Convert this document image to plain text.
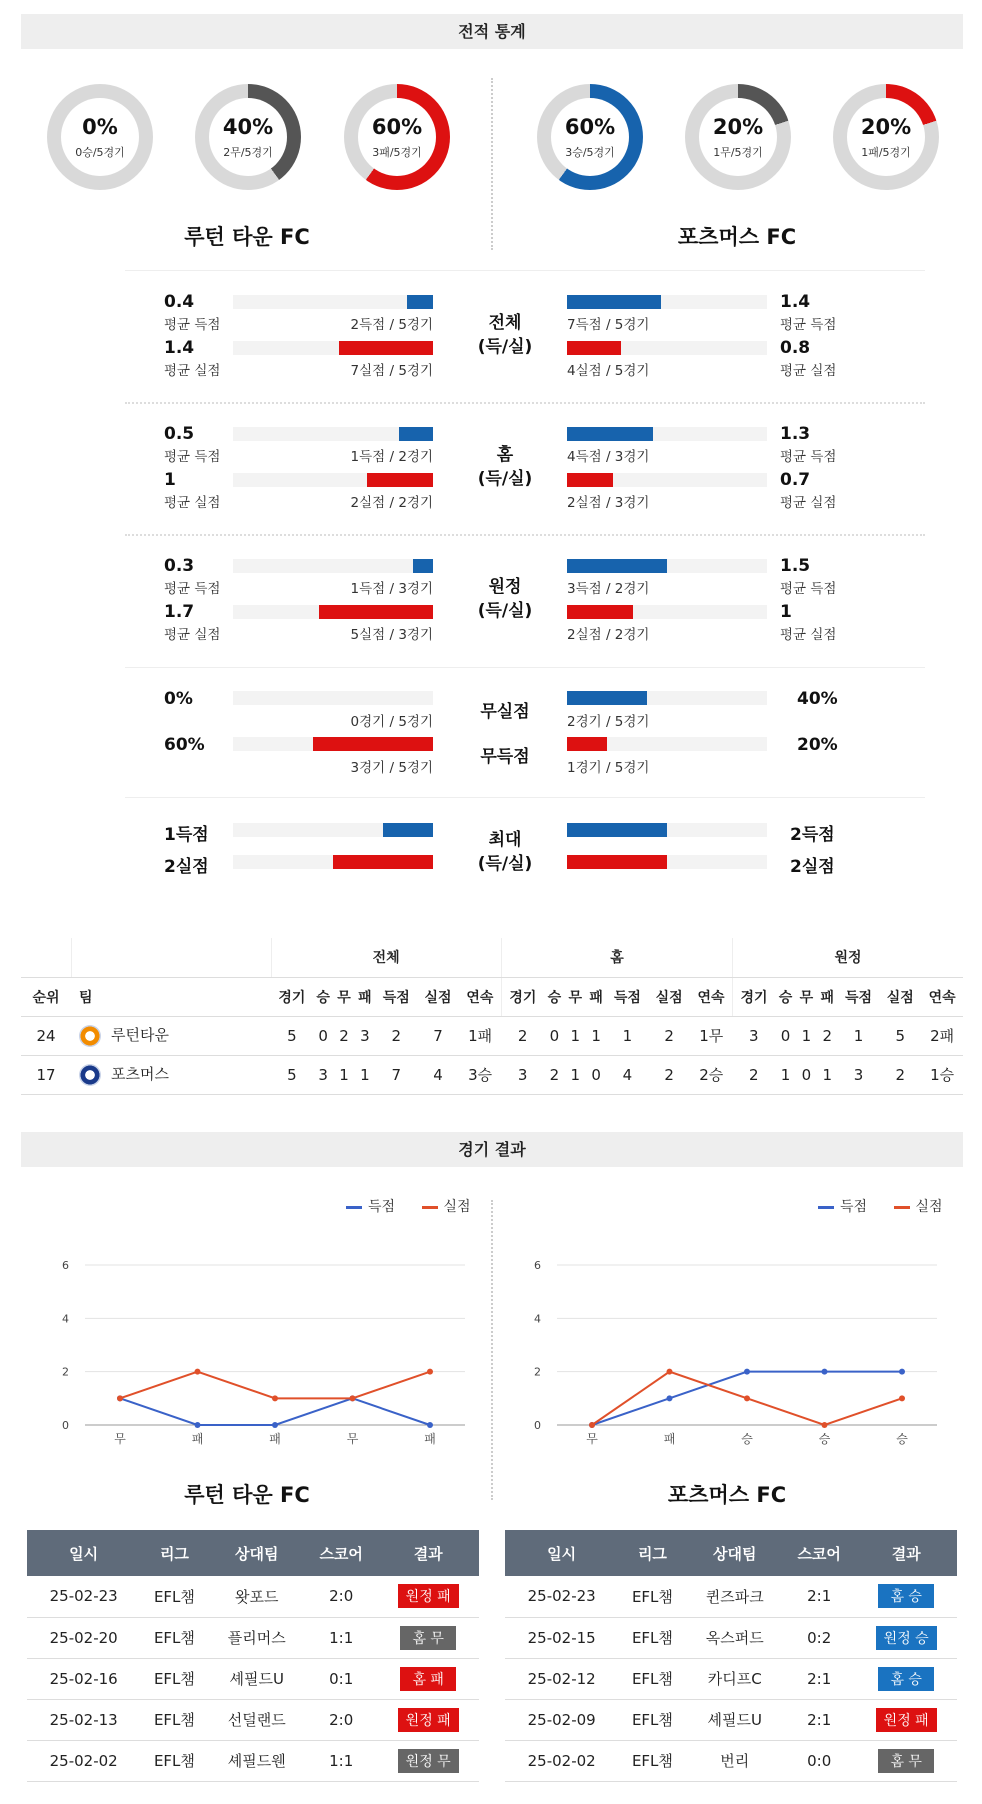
전적 통계
0%
0승/5경기
40%
2무/5경기
60%
3패/5경기
60%
3승/5경기
20%
1무/5경기
20%
1패/5경기
루턴 타운 FC	포츠머스 FC
0.4
평균 득점	2득점 / 5경기	7득점 / 5경기
1.4
평균 득점
1.4
평균 실점	7실점 / 5경기	4실점 / 5경기
0.8
평균 실점
전체
(득/실)
0.5
평균 득점	1득점 / 2경기	4득점 / 3경기
1.3
평균 득점
1
평균 실점	2실점 / 2경기	2실점 / 3경기
0.7
평균 실점
홈
(득/실)
0.3
평균 득점	1득점 / 3경기	3득점 / 2경기
1.5
평균 득점
1.7
평균 실점	5실점 / 3경기	2실점 / 2경기
1
평균 실점
원정
(득/실)
0%
0경기 / 5경기	2경기 / 5경기
40%
60%
3경기 / 5경기	1경기 / 5경기
20%
무실점
무득점
1득점	2득점
2실점	2실점
최대
(득/실)
		전체							홈							원정						
순위	팀	경기	승	무	패	득점	실점	연속	경기	승	무	패	득점	실점	연속	경기	승	무	패	득점	실점	연속
24	루턴타운	5	0	2	3	2	7	1패	2	0	1	1	1	2	1무	3	0	1	2	1	5	2패
17	포츠머스	5	3	1	1	7	4	3승	3	2	1	0	4	2	2승	2	1	0	1	3	2	1승
경기 결과
득점	실점	득점	실점
0
2
4
6
무	패	패	무	패
0
2
4
6
무	패	승	승	승
루턴 타운 FC	포츠머스 FC
일시	리그	상대팀	스코어	결과
25-02-23	EFL챔	왓포드	2:0	원정 패
25-02-20	EFL챔	플리머스	1:1	홈 무
25-02-16	EFL챔	셰필드U	0:1	홈 패
25-02-13	EFL챔	선덜랜드	2:0	원정 패
25-02-02	EFL챔	셰필드웬	1:1	원정 무
일시	리그	상대팀	스코어	결과
25-02-23	EFL챔	퀸즈파크	2:1	홈 승
25-02-15	EFL챔	옥스퍼드	0:2	원정 승
25-02-12	EFL챔	카디프C	2:1	홈 승
25-02-09	EFL챔	셰필드U	2:1	원정 패
25-02-02	EFL챔	번리	0:0	홈 무
